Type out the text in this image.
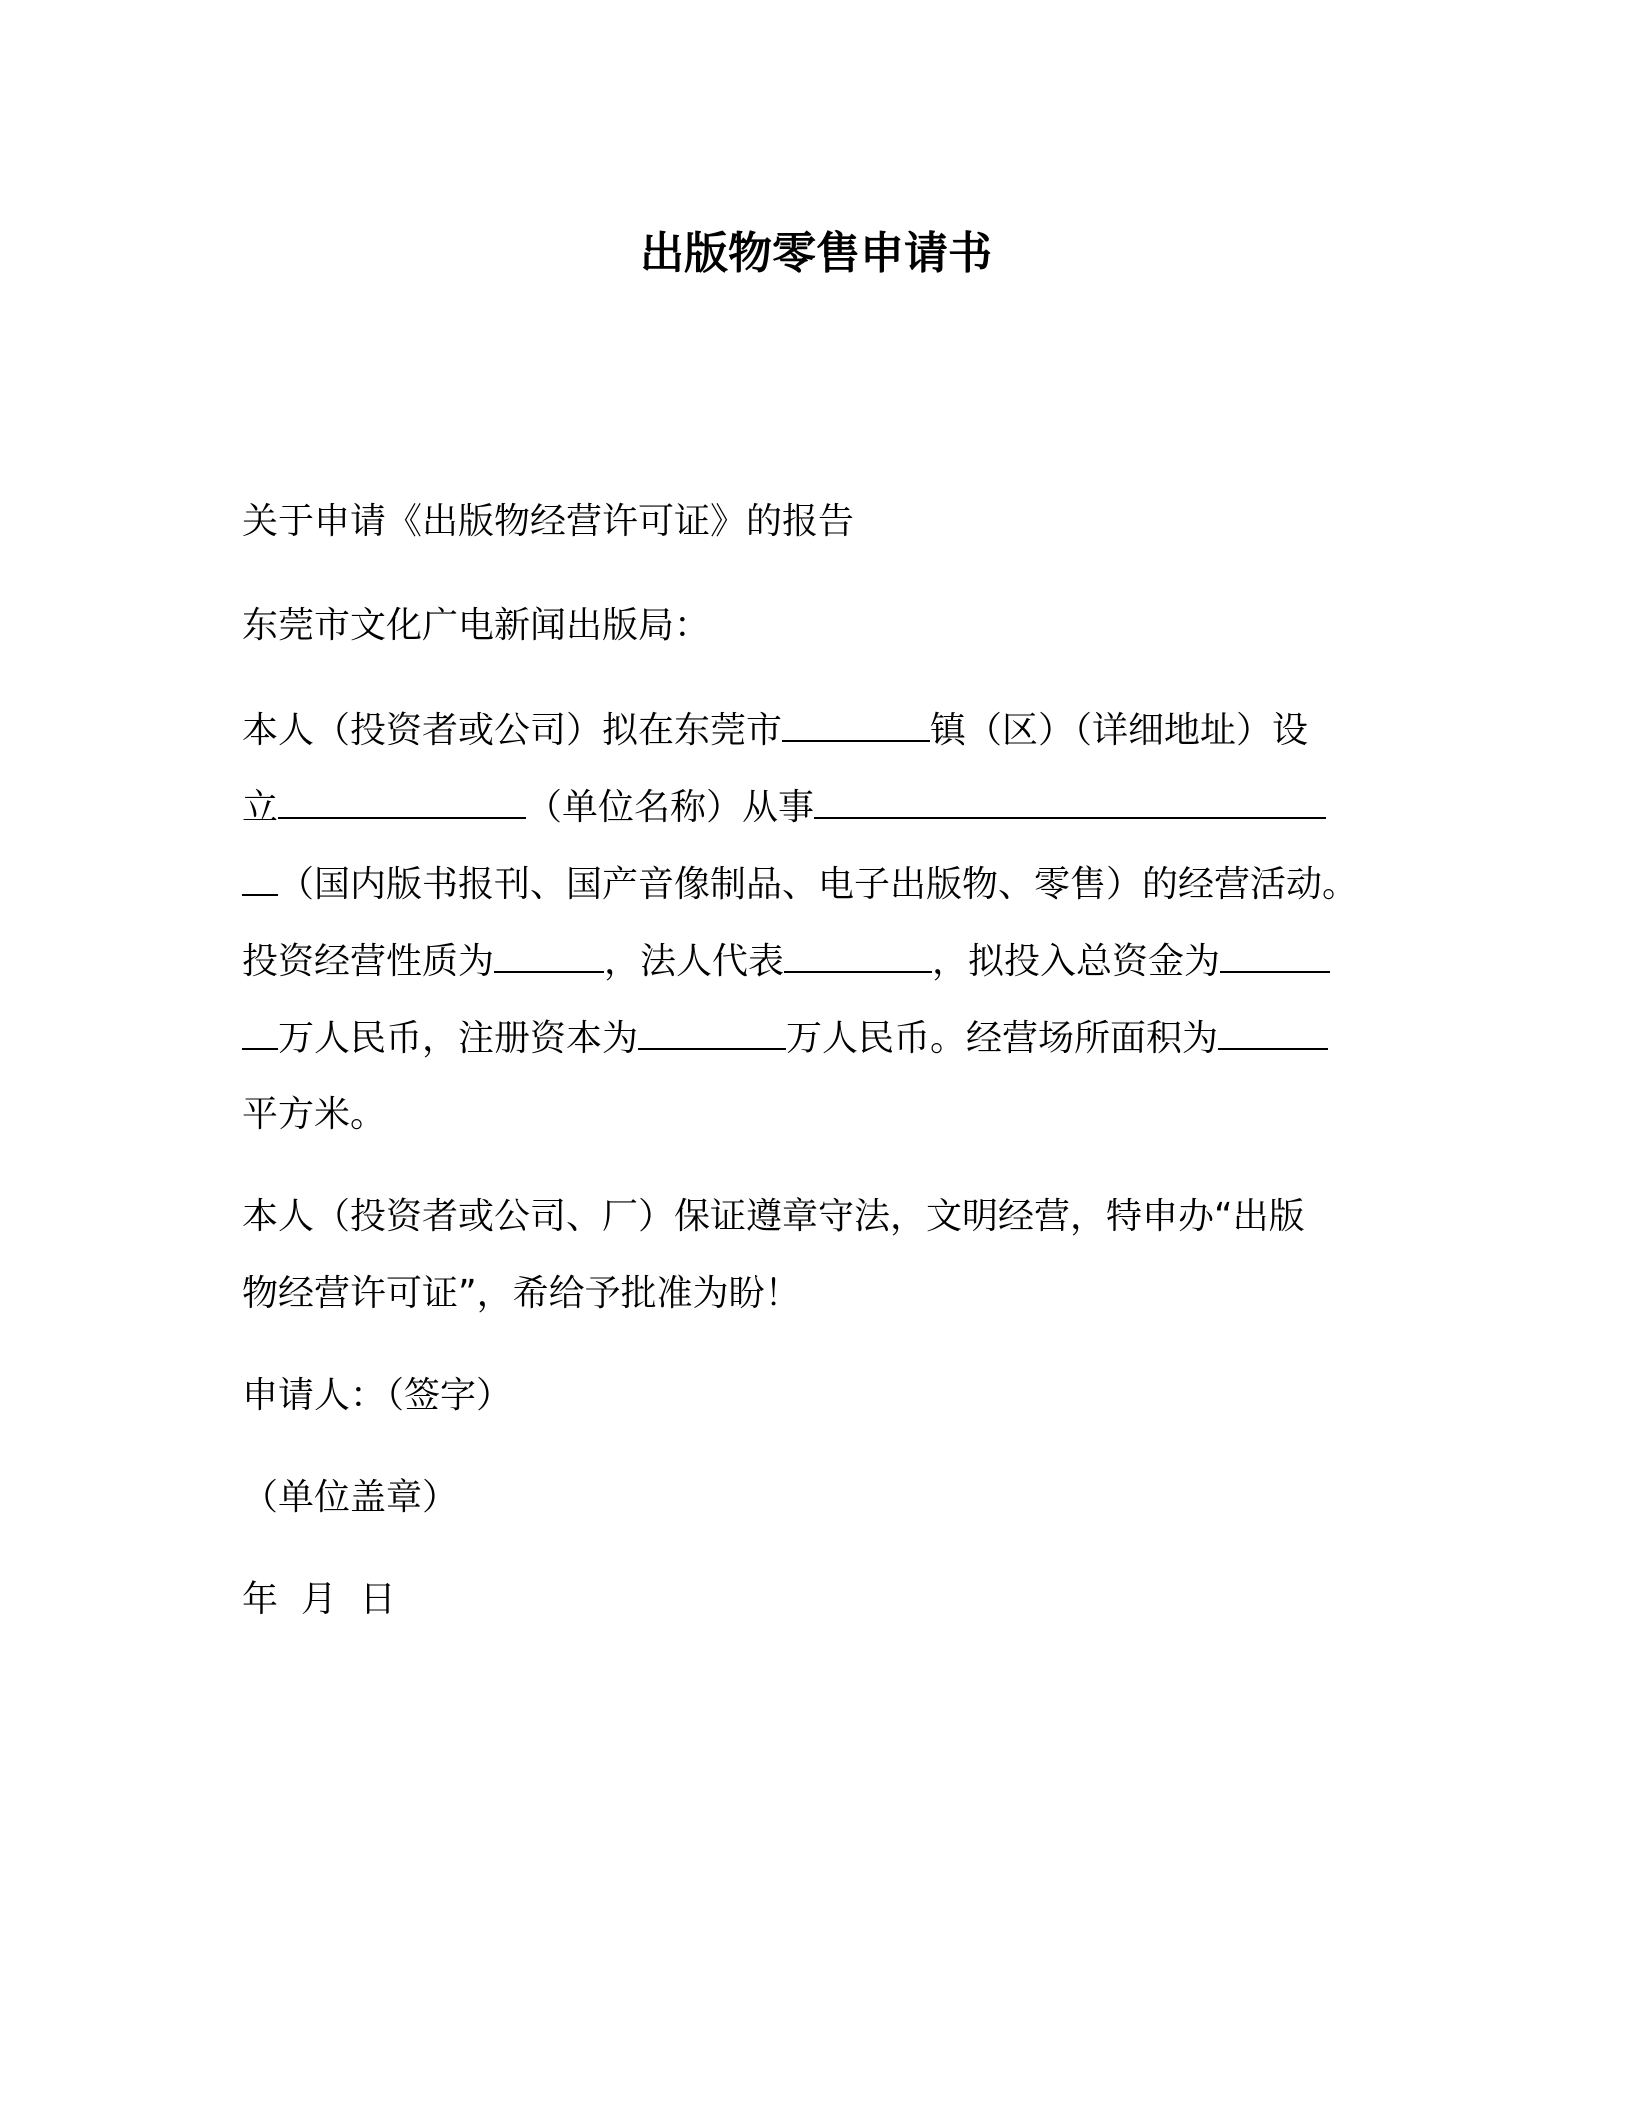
出版物零售申请书
关于申请《出版物经营许可证》的报告
东莞市文化广电新闻出版局：
本人（投资者或公司）拟在东莞市	镇（区）（详细地址）设
立	（单位名称）从事
（国内版书报刊、国产音像制品、电子出版物、零售）的经营活动。
投资经营性质为	，法人代表	，拟投入总资金为
万人民币，注册资本为	万人民币。经营场所面积为
平方米。
本人（投资者或公司、厂）保证遵章守法，文明经营，特申办“出版
物经营许可证”，希给予批准为盼！
申请人：（签字）
（单位盖章）
年  月  日
